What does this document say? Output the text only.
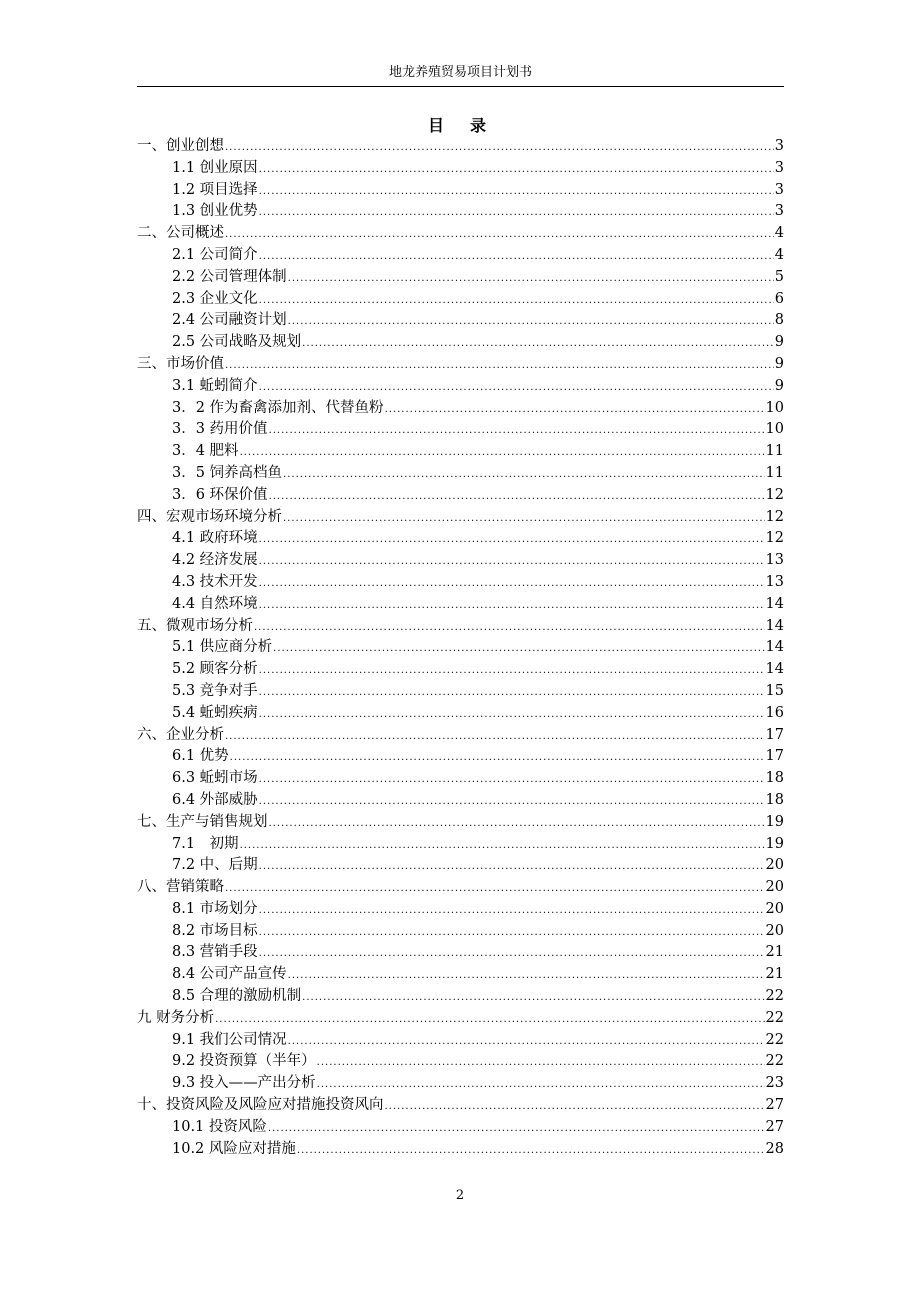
地龙养殖贸易项目计划书
目录
一、创业创想 .....	3
1.1 创业原因 .....	3
1.2 项目选择 .....	3
1.3 创业优势 .....	3
二、公司概述 .....	4
2.1 公司简介 .....	4
2.2 公司管理体制 .....	5
2.3 企业文化 .....	6
2.4 公司融资计划 .....	8
2.5 公司战略及规划 .....	9
三、市场价值 .....	9
3.1 蚯蚓简介 .....	9
3．2 作为畜禽添加剂、代替鱼粉 .....	10
3．3 药用价值 .....	10
3．4 肥料 .....	11
3．5 饲养高档鱼 .....	11
3．6 环保价值 .....	12
四、宏观市场环境分析 .....	12
4.1 政府环境 .....	12
4.2 经济发展 .....	13
4.3 技术开发 .....	13
4.4 自然环境 .....	14
五、微观市场分析 .....	14
5.1 供应商分析 .....	14
5.2 顾客分析 .....	14
5.3 竞争对手 .....	15
5.4 蚯蚓疾病 .....	16
六、企业分析 .....	17
6.1 优势 .....	17
6.3 蚯蚓市场 .....	18
6.4 外部威胁 .....	18
七、生产与销售规划 .....	19
7.1　初期 .....	19
7.2 中、后期 .....	20
八、营销策略 .....	20
8.1 市场划分 .....	20
8.2 市场目标 .....	20
8.3 营销手段 .....	21
8.4 公司产品宣传 .....	21
8.5 合理的激励机制 .....	22
九 财务分析 .....	22
9.1 我们公司情况 .....	22
9.2 投资预算（半年） .....	22
9.3 投入——产出分析 .....	23
十、投资风险及风险应对措施投资风向 .....	27
10.1 投资风险 .....	27
10.2 风险应对措施 .....	28
2
